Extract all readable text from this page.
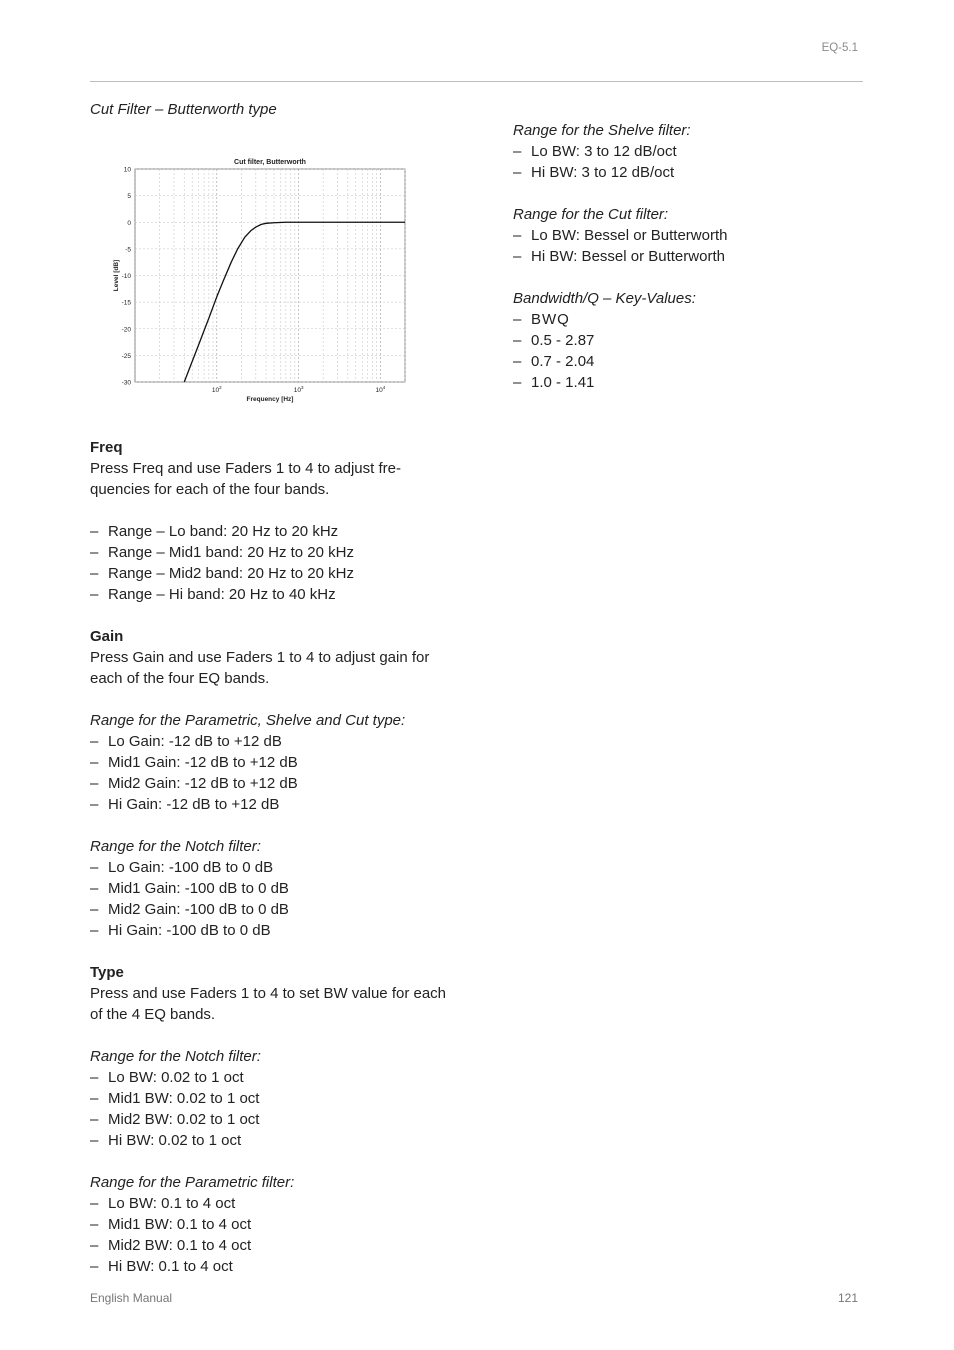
EQ-5.1

Cut Filter – Butterworth type

10
5
0
-5
-10
-15
-20
-25
-30
$10^2$	$10^3$	$10^4$
Cut filter, Butterworth
Frequency [Hz]
Level [dB]

Freq

Press Freq and use Faders 1 to 4 to adjust fre-quencies for each of the four bands.

– Range – Lo band: 20 Hz to 20 kHz
– Range – Mid1 band: 20 Hz to 20 kHz
– Range – Mid2 band: 20 Hz to 20 kHz
– Range – Hi band: 20 Hz to 40 kHz

Gain

Press Gain and use Faders 1 to 4 to adjust gain for each of the four EQ bands.

Range for the Parametric, Shelve and Cut type:

– Lo Gain: -12 dB to +12 dB
– Mid1 Gain: -12 dB to +12 dB
– Mid2 Gain: -12 dB to +12 dB
– Hi Gain: -12 dB to +12 dB

Range for the Notch filter:

– Lo Gain: -100 dB to 0 dB
– Mid1 Gain: -100 dB to 0 dB
– Mid2 Gain: -100 dB to 0 dB
– Hi Gain: -100 dB to 0 dB

Type

Press and use Faders 1 to 4 to set BW value for each of the 4 EQ bands.

Range for the Notch filter:

– Lo BW: 0.02 to 1 oct
– Mid1 BW: 0.02 to 1 oct
– Mid2 BW: 0.02 to 1 oct
– Hi BW: 0.02 to 1 oct

Range for the Parametric filter:

– Lo BW: 0.1 to 4 oct
– Mid1 BW: 0.1 to 4 oct
– Mid2 BW: 0.1 to 4 oct
– Hi BW: 0.1 to 4 oct

Range for the Shelve filter:

– Lo BW: 3 to 12 dB/oct
– Hi BW: 3 to 12 dB/oct

Range for the Cut filter:

– Lo BW: Bessel or Butterworth
– Hi BW: Bessel or Butterworth

Bandwidth/Q – Key-Values:

– BWQ
– 0.5 - 2.87
– 0.7 - 2.04
– 1.0 - 1.41
English Manual	121
